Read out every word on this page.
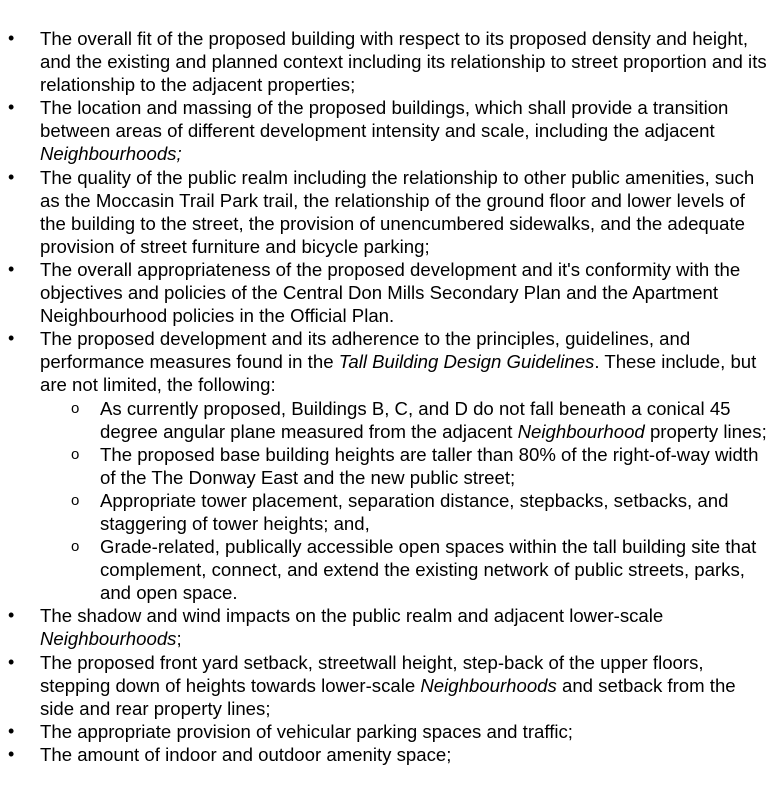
•	The overall fit of the proposed building with respect to its proposed density and height, and the existing and planned context including its relationship to street proportion and its relationship to the adjacent properties;
•	The location and massing of the proposed buildings, which shall provide a transition between areas of different development intensity and scale, including the adjacent Neighbourhoods;
•	The quality of the public realm including the relationship to other public amenities, such as the Moccasin Trail Park trail, the relationship of the ground floor and lower levels of the building to the street, the provision of unencumbered sidewalks, and the adequate provision of street furniture and bicycle parking;
•	The overall appropriateness of the proposed development and it's conformity with the objectives and policies of the Central Don Mills Secondary Plan and the Apartment Neighbourhood policies in the Official Plan.
•	The proposed development and its adherence to the principles, guidelines, and performance measures found in the Tall Building Design Guidelines. These include, but are not limited, the following:
o As currently proposed, Buildings B, C, and D do not fall beneath a conical 45 degree angular plane measured from the adjacent Neighbourhood property lines;
o The proposed base building heights are taller than 80% of the right-of-way width of the The Donway East and the new public street;
o Appropriate tower placement, separation distance, stepbacks, setbacks, and staggering of tower heights; and,
o Grade-related, publically accessible open spaces within the tall building site that complement, connect, and extend the existing network of public streets, parks, and open space.
•	The shadow and wind impacts on the public realm and adjacent lower-scale Neighbourhoods;
•	The proposed front yard setback, streetwall height, step-back of the upper floors, stepping down of heights towards lower-scale Neighbourhoods and setback from the side and rear property lines;
•	The appropriate provision of vehicular parking spaces and traffic;
•	The amount of indoor and outdoor amenity space;
